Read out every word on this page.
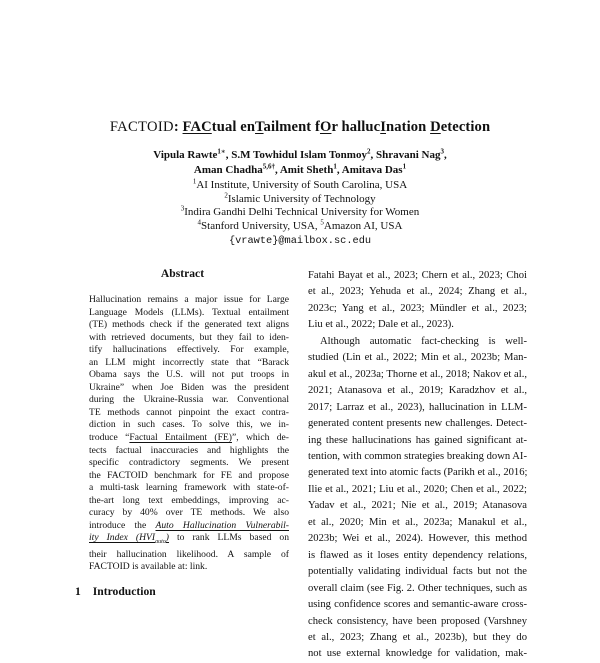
FACTOID: FACtual enTailment fOr hallucInation Detection
Vipula Rawte$^{1∗}$, S.M Towhidul Islam Tonmoy$^2$, Shravani Nag$^3$,
Aman Chadha$^{5,6\dagger}$, Amit Sheth$^1$, Amitava Das$^1$
$^1$AI Institute, University of South Carolina, USA
$^2$Islamic University of Technology
$^3$Indira Gandhi Delhi Technical University for Women
$^4$Stanford University, USA, $^5$Amazon AI, USA
{vrawte}@mailbox.sc.edu
Abstract
Hallucination remains a major issue for Large
Language Models (LLMs). Textual entailment
(TE) methods check if the generated text aligns
with retrieved documents, but they fail to iden-
tify hallucinations effectively. For example,
an LLM might incorrectly state that “Barack
Obama says the U.S. will not put troops in
Ukraine” when Joe Biden was the president
during the Ukraine-Russia war. Conventional
TE methods cannot pinpoint the exact contra-
diction in such cases. To solve this, we in-
troduce “Factual Entailment (FE)”, which de-
tects factual inaccuracies and highlights the
specific contradictory segments. We present
the FACTOID benchmark for FE and propose
a multi-task learning framework with state-of-
the-art long text embeddings, improving ac-
curacy by 40% over TE methods. We also
introduce the Auto Hallucination Vulnerabil-
ity Index $(HVI_{auto})$ to rank LLMs based on
their hallucination likelihood. A sample of
FACTOID is available at: link.
1 Introduction
Fatahi Bayat et al., 2023; Chern et al., 2023; Choi
et al., 2023; Yehuda et al., 2024; Zhang et al.,
2023c; Yang et al., 2023; Mündler et al., 2023;
Liu et al., 2022; Dale et al., 2023).
Although automatic fact-checking is well-
studied (Lin et al., 2022; Min et al., 2023b; Man-
akul et al., 2023a; Thorne et al., 2018; Nakov et al.,
2021; Atanasova et al., 2019; Karadzhov et al.,
2017; Larraz et al., 2023), hallucination in LLM-
generated content presents new challenges. Detect-
ing these hallucinations has gained significant at-
tention, with common strategies breaking down AI-
generated text into atomic facts (Parikh et al., 2016;
Ilie et al., 2021; Liu et al., 2020; Chen et al., 2022;
Yadav et al., 2021; Nie et al., 2019; Atanasova
et al., 2020; Min et al., 2023a; Manakul et al.,
2023b; Wei et al., 2024). However, this method
is flawed as it loses entity dependency relations,
potentially validating individual facts but not the
overall claim (see Fig. 2. Other techniques, such as
using confidence scores and semantic-aware cross-
check consistency, have been proposed (Varshney
et al., 2023; Zhang et al., 2023b), but they do
not use external knowledge for validation, mak-
